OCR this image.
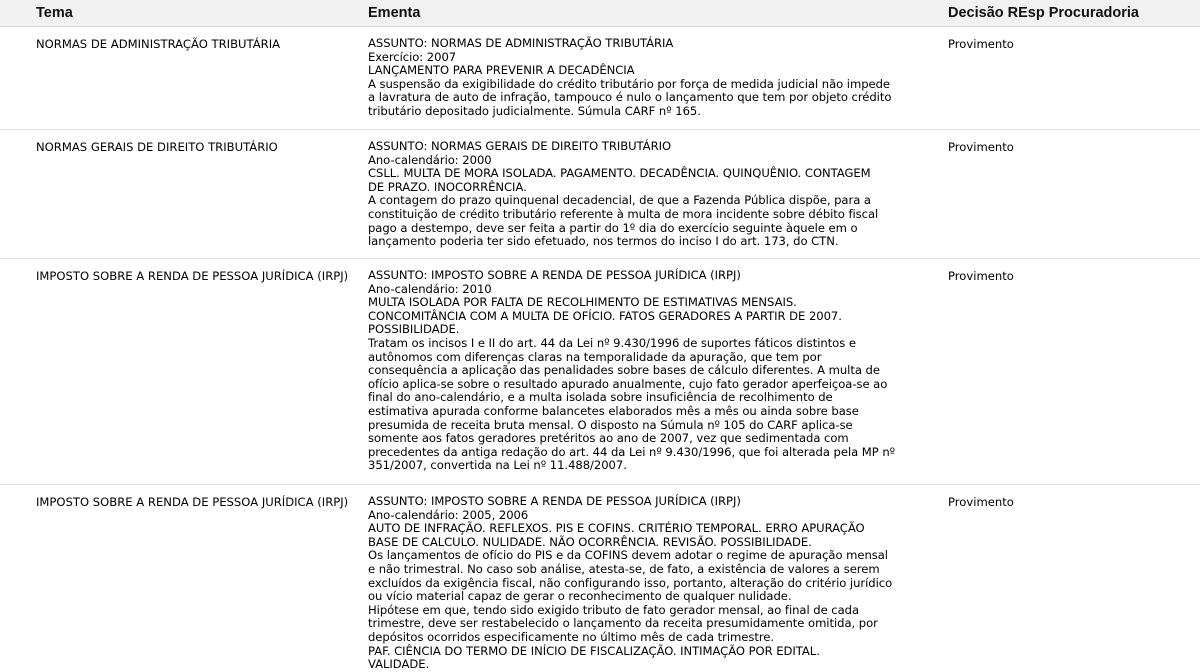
Tema	Ementa	Decisão REsp Procuradoria
NORMAS DE ADMINISTRAÇÃO TRIBUTÁRIA	ASSUNTO: NORMAS DE ADMINISTRAÇÃO TRIBUTÁRIA
Exercício: 2007
LANÇAMENTO PARA PREVENIR A DECADÊNCIA
A suspensão da exigibilidade do crédito tributário por força de medida judicial não impede
a lavratura de auto de infração, tampouco é nulo o lançamento que tem por objeto crédito
tributário depositado judicialmente. Súmula CARF nº 165.
Provimento
NORMAS GERAIS DE DIREITO TRIBUTÁRIO	ASSUNTO: NORMAS GERAIS DE DIREITO TRIBUTÁRIO
Ano-calendário: 2000
CSLL. MULTA DE MORA ISOLADA. PAGAMENTO. DECADÊNCIA. QUINQUÊNIO. CONTAGEM
DE PRAZO. INOCORRÊNCIA.
A contagem do prazo quinquenal decadencial, de que a Fazenda Pública dispõe, para a
constituição de crédito tributário referente à multa de mora incidente sobre débito fiscal
pago a destempo, deve ser feita a partir do 1º dia do exercício seguinte àquele em o
lançamento poderia ter sido efetuado, nos termos do inciso I do art. 173, do CTN.
Provimento
IMPOSTO SOBRE A RENDA DE PESSOA JURÍDICA (IRPJ)	ASSUNTO: IMPOSTO SOBRE A RENDA DE PESSOA JURÍDICA (IRPJ)
Ano-calendário: 2010
MULTA ISOLADA POR FALTA DE RECOLHIMENTO DE ESTIMATIVAS MENSAIS.
CONCOMITÂNCIA COM A MULTA DE OFÍCIO. FATOS GERADORES A PARTIR DE 2007.
POSSIBILIDADE.
Tratam os incisos I e II do art. 44 da Lei nº 9.430/1996 de suportes fáticos distintos e
autônomos com diferenças claras na temporalidade da apuração, que tem por
consequência a aplicação das penalidades sobre bases de cálculo diferentes. A multa de
ofício aplica-se sobre o resultado apurado anualmente, cujo fato gerador aperfeiçoa-se ao
final do ano-calendário, e a multa isolada sobre insuficiência de recolhimento de
estimativa apurada conforme balancetes elaborados mês a mês ou ainda sobre base
presumida de receita bruta mensal. O disposto na Súmula nº 105 do CARF aplica-se
somente aos fatos geradores pretéritos ao ano de 2007, vez que sedimentada com
precedentes da antiga redação do art. 44 da Lei nº 9.430/1996, que foi alterada pela MP nº
351/2007, convertida na Lei nº 11.488/2007.
Provimento
IMPOSTO SOBRE A RENDA DE PESSOA JURÍDICA (IRPJ)	ASSUNTO: IMPOSTO SOBRE A RENDA DE PESSOA JURÍDICA (IRPJ)
Ano-calendário: 2005, 2006
AUTO DE INFRAÇÃO. REFLEXOS. PIS E COFINS. CRITÉRIO TEMPORAL. ERRO APURAÇÃO
BASE DE CALCULO. NULIDADE. NÃO OCORRÊNCIA. REVISÃO. POSSIBILIDADE.
Os lançamentos de ofício do PIS e da COFINS devem adotar o regime de apuração mensal
e não trimestral. No caso sob análise, atesta-se, de fato, a existência de valores a serem
excluídos da exigência fiscal, não configurando isso, portanto, alteração do critério jurídico
ou vício material capaz de gerar o reconhecimento de qualquer nulidade.
Hipótese em que, tendo sido exigido tributo de fato gerador mensal, ao final de cada
trimestre, deve ser restabelecido o lançamento da receita presumidamente omitida, por
depósitos ocorridos especificamente no último mês de cada trimestre.
PAF. CIÊNCIA DO TERMO DE INÍCIO DE FISCALIZAÇÃO. INTIMAÇÃO POR EDITAL.
VALIDADE.
Provimento
